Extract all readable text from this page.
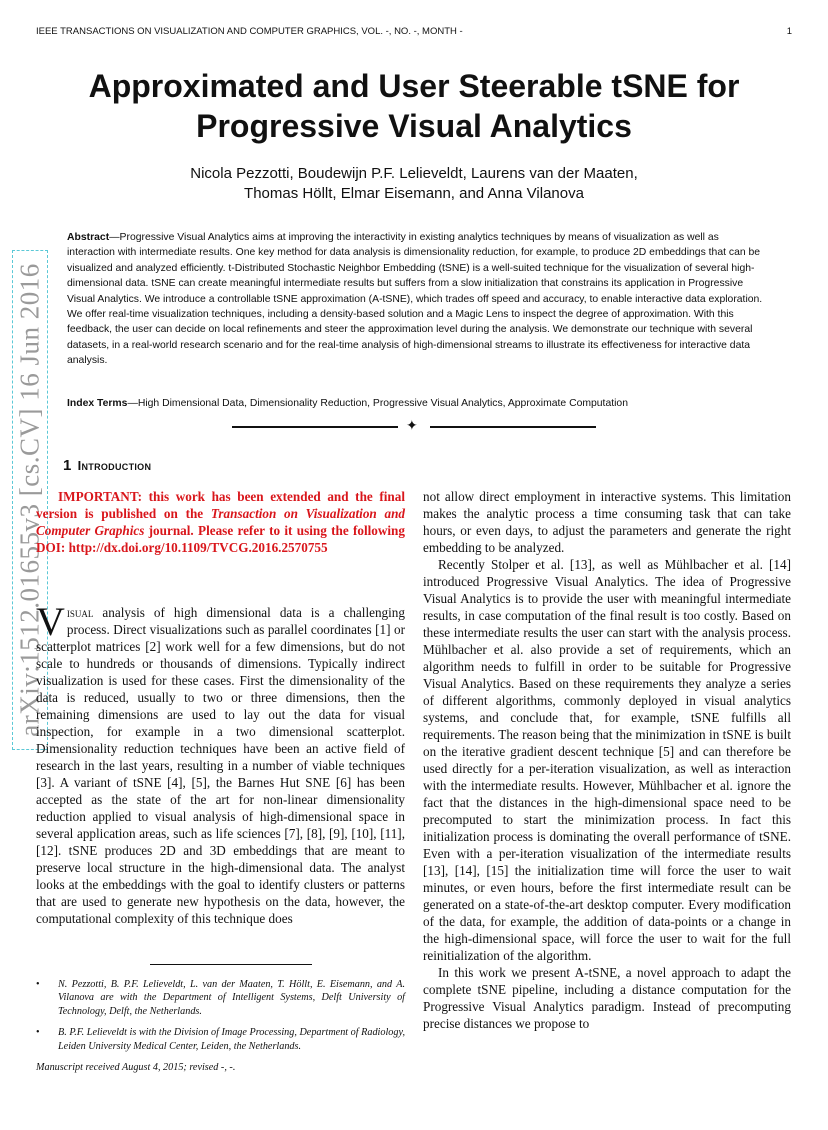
IEEE TRANSACTIONS ON VISUALIZATION AND COMPUTER GRAPHICS, VOL. -, NO. -, MONTH -	1
Approximated and User Steerable tSNE for
Progressive Visual Analytics
Nicola Pezzotti, Boudewijn P.F. Lelieveldt, Laurens van der Maaten,
Thomas Höllt, Elmar Eisemann, and Anna Vilanova
Abstract—Progressive Visual Analytics aims at improving the interactivity in existing analytics techniques by means of visualization as well as interaction with intermediate results. One key method for data analysis is dimensionality reduction, for example, to produce 2D embeddings that can be visualized and analyzed efficiently. t-Distributed Stochastic Neighbor Embedding (tSNE) is a well-suited technique for the visualization of several high-dimensional data. tSNE can create meaningful intermediate results but suffers from a slow initialization that constrains its application in Progressive Visual Analytics. We introduce a controllable tSNE approximation (A-tSNE), which trades off speed and accuracy, to enable interactive data exploration. We offer real-time visualization techniques, including a density-based solution and a Magic Lens to inspect the degree of approximation. With this feedback, the user can decide on local refinements and steer the approximation level during the analysis. We demonstrate our technique with several datasets, in a real-world research scenario and for the real-time analysis of high-dimensional streams to illustrate its effectiveness for interactive data analysis.
Index Terms—High Dimensional Data, Dimensionality Reduction, Progressive Visual Analytics, Approximate Computation
✦
arXiv:1512.01655v3 [cs.CV] 16 Jun 2016 1 Introduction

IMPORTANT: this work has been extended and the final version is published on the Transaction on Visualization and Computer Graphics journal. Please refer to it using the following DOI: http://dx.doi.org/10.1109/TVCG.2016.2570755

Visual analysis of high dimensional data is a challenging process. Direct visualizations such as parallel coordinates [1] or scatterplot matrices [2] work well for a few dimensions, but do not scale to hundreds or thousands of dimensions. Typically indirect visualization is used for these cases. First the dimensionality of the data is reduced, usually to two or three dimensions, then the remaining dimensions are used to lay out the data for visual inspection, for example in a two dimensional scatterplot. Dimensionality reduction techniques have been an active field of research in the last years, resulting in a number of viable techniques [3]. A variant of tSNE [4], [5], the Barnes Hut SNE [6] has been accepted as the state of the art for non-linear dimensionality reduction applied to visual analysis of high-dimensional space in several application areas, such as life sciences [7], [8], [9], [10], [11], [12]. tSNE produces 2D and 3D embeddings that are meant to preserve local structure in the high-dimensional data. The analyst looks at the embeddings with the goal to identify clusters or patterns that are used to generate new hypothesis on the data, however, the computational complexity of this technique does

not allow direct employment in interactive systems. This limitation makes the analytic process a time consuming task that can take hours, or even days, to adjust the parameters and generate the right embedding to be analyzed.

Recently Stolper et al. [13], as well as Mühlbacher et al. [14] introduced Progressive Visual Analytics. The idea of Progressive Visual Analytics is to provide the user with meaningful intermediate results, in case computation of the final result is too costly. Based on these intermediate results the user can start with the analysis process. Mühlbacher et al. also provide a set of requirements, which an algorithm needs to fulfill in order to be suitable for Progressive Visual Analytics. Based on these requirements they analyze a series of different algorithms, commonly deployed in visual analytics systems, and conclude that, for example, tSNE fulfills all requirements. The reason being that the minimization in tSNE is built on the iterative gradient descent technique [5] and can therefore be used directly for a per-iteration visualization, as well as interaction with the intermediate results. However, Mühlbacher et al. ignore the fact that the distances in the high-dimensional space need to be precomputed to start the minimization process. In fact this initialization process is dominating the overall performance of tSNE. Even with a per-iteration visualization of the intermediate results [13], [14], [15] the initialization time will force the user to wait minutes, or even hours, before the first intermediate result can be generated on a state-of-the-art desktop computer. Every modification of the data, for example, the addition of data-points or a change in the high-dimensional space, will force the user to wait for the full reinitialization of the algorithm.

In this work we present A-tSNE, a novel approach to adapt the complete tSNE pipeline, including a distance computation for the Progressive Visual Analytics paradigm. Instead of precomputing precise distances we propose to

• N. Pezzotti, B. P.F. Lelieveldt, L. van der Maaten, T. Höllt, E. Eisemann, and A. Vilanova are with the Department of Intelligent Systems, Delft University of Technology, Delft, the Netherlands.
• B. P.F. Lelieveldt is with the Division of Image Processing, Department of Radiology, Leiden University Medical Center, Leiden, the Netherlands.
Manuscript received August 4, 2015; revised -, -.
